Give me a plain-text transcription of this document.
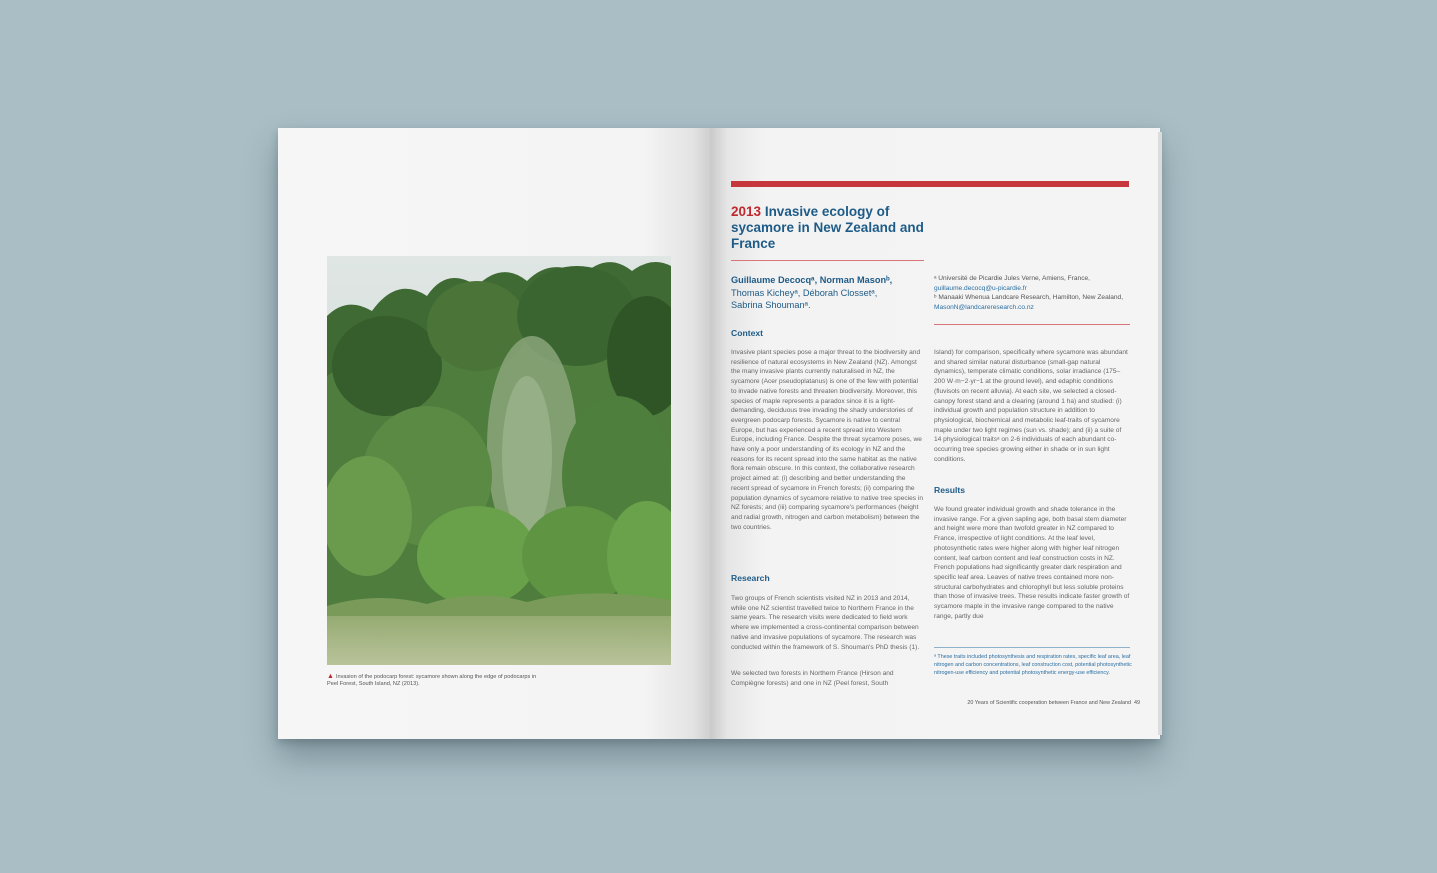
▲ Invasion of the podocarp forest: sycamore shown along the edge of podocarps in Peel Forest, South Island, NZ (2013).
2013 Invasive ecology of sycamore in New Zealand and France
Guillaume Decocqᵃ, Norman Masonᵇ,
Thomas Kicheyᵃ, Déborah Clossetᵃ,
Sabrina Shoumanᵃ.
ᵃ Université de Picardie Jules Verne, Amiens, France,
guillaume.decocq@u-picardie.fr
ᵇ Manaaki Whenua Landcare Research, Hamilton, New Zealand,
MasonN@landcareresearch.co.nz
Context
Invasive plant species pose a major threat to the biodiversity and resilience of natural ecosystems in New Zealand (NZ). Amongst the many invasive plants currently naturalised in NZ, the sycamore (Acer pseudoplatanus) is one of the few with potential to invade native forests and threaten biodiversity. Moreover, this species of maple represents a paradox since it is a light-demanding, deciduous tree invading the shady understories of evergreen podocarp forests. Sycamore is native to central Europe, but has experienced a recent spread into Western Europe, including France. Despite the threat sycamore poses, we have only a poor understanding of its ecology in NZ and the reasons for its recent spread into the same habitat as the native flora remain obscure. In this context, the collaborative research project aimed at: (i) describing and better understanding the recent spread of sycamore in French forests; (ii) comparing the population dynamics of sycamore relative to native tree species in NZ forests; and (iii) comparing sycamore's performances (height and radial growth, nitrogen and carbon metabolism) between the two countries.
Research
Two groups of French scientists visited NZ in 2013 and 2014, while one NZ scientist travelled twice to Northern France in the same years. The research visits were dedicated to field work where we implemented a cross-continental comparison between native and invasive populations of sycamore. The research was conducted within the framework of S. Shouman's PhD thesis (1).
We selected two forests in Northern France (Hirson and Compiègne forests) and one in NZ (Peel forest, South
Island) for comparison, specifically where sycamore was abundant and shared similar natural disturbance (small-gap natural dynamics), temperate climatic conditions, solar irradiance (175–200 W·m−2·yr−1 at the ground level), and edaphic conditions (fluvisols on recent alluvia). At each site, we selected a closed-canopy forest stand and a clearing (around 1 ha) and studied: (i) individual growth and population structure in addition to physiological, biochemical and metabolic leaf-traits of sycamore maple under two light regimes (sun vs. shade); and (ii) a suite of 14 physiological traitsᵃ on 2-6 individuals of each abundant co-occurring tree species growing either in shade or in sun light conditions.
Results
We found greater individual growth and shade tolerance in the invasive range. For a given sapling age, both basal stem diameter and height were more than twofold greater in NZ compared to France, irrespective of light conditions. At the leaf level, photosynthetic rates were higher along with higher leaf nitrogen content, leaf carbon content and leaf construction costs in NZ. French populations had significantly greater dark respiration and specific leaf area. Leaves of native trees contained more non-structural carbohydrates and chlorophyll but less soluble proteins than those of invasive trees. These results indicate faster growth of sycamore maple in the invasive range compared to the native range, partly due
ᵃ These traits included photosynthesis and respiration rates, specific leaf area, leaf nitrogen and carbon concentrations, leaf construction cost, potential photosynthetic nitrogen-use efficiency and potential photosynthetic energy-use efficiency.
20 Years of Scientific cooperation between France and New Zealand 49
